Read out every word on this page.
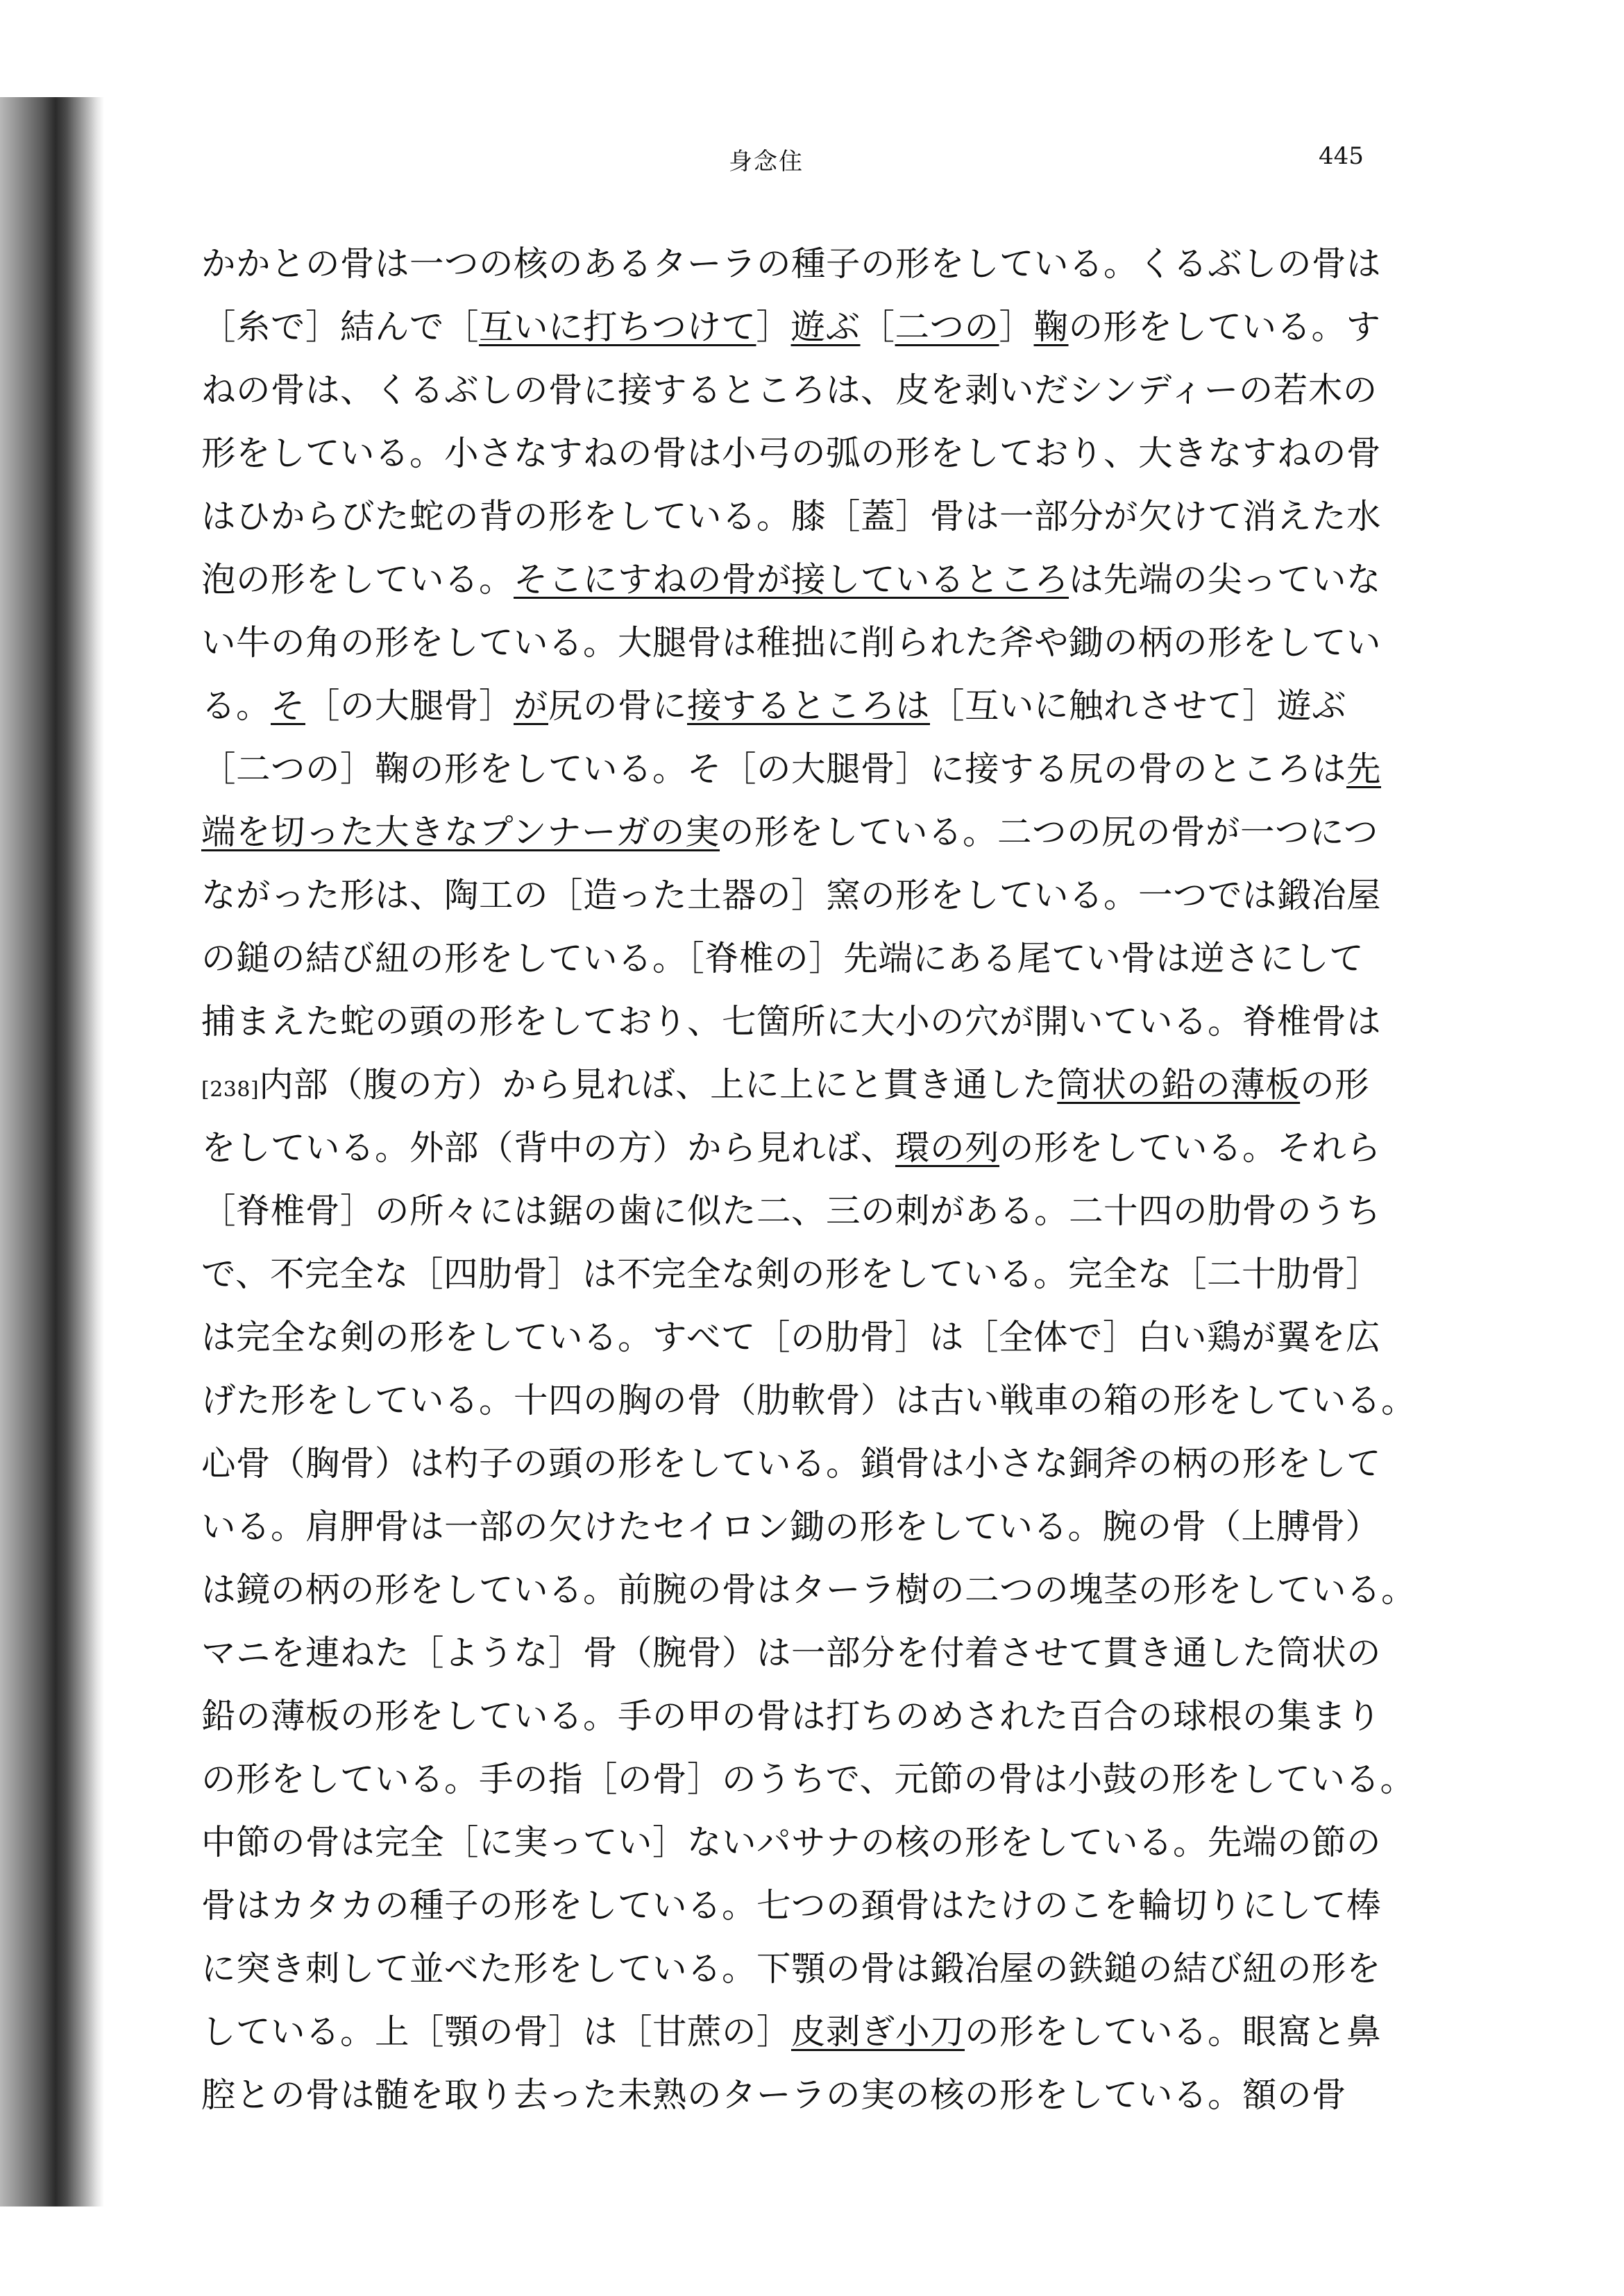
身念住	445
かかとの骨は一つの核のあるターラの種子の形をしている。くるぶしの骨は
［糸で］結んで［互いに打ちつけて］遊ぶ［二つの］鞠の形をしている。す
ねの骨は、くるぶしの骨に接するところは、皮を剥いだシンディーの若木の
形をしている。小さなすねの骨は小弓の弧の形をしており、大きなすねの骨
はひからびた蛇の背の形をしている。膝［蓋］骨は一部分が欠けて消えた水
泡の形をしている。そこにすねの骨が接しているところは先端の尖っていな
い牛の角の形をしている。大腿骨は稚拙に削られた斧や鋤の柄の形をしてい
る。そ［の大腿骨］が尻の骨に接するところは［互いに触れさせて］遊ぶ
［二つの］鞠の形をしている。そ［の大腿骨］に接する尻の骨のところは先
端を切った大きなプンナーガの実の形をしている。二つの尻の骨が一つにつ
ながった形は、陶工の［造った土器の］窯の形をしている。一つでは鍛冶屋
の鎚の結び紐の形をしている。［脊椎の］先端にある尾てい骨は逆さにして
捕まえた蛇の頭の形をしており、七箇所に大小の穴が開いている。脊椎骨は
[238]内部（腹の方）から見れば、上に上にと貫き通した筒状の鉛の薄板の形
をしている。外部（背中の方）から見れば、環の列の形をしている。それら
［脊椎骨］の所々には鋸の歯に似た二、三の刺がある。二十四の肋骨のうち
で、不完全な［四肋骨］は不完全な剣の形をしている。完全な［二十肋骨］
は完全な剣の形をしている。すべて［の肋骨］は［全体で］白い鶏が翼を広
げた形をしている。十四の胸の骨（肋軟骨）は古い戦車の箱の形をしている。
心骨（胸骨）は杓子の頭の形をしている。鎖骨は小さな銅斧の柄の形をして
いる。肩胛骨は一部の欠けたセイロン鋤の形をしている。腕の骨（上膊骨）
は鏡の柄の形をしている。前腕の骨はターラ樹の二つの塊茎の形をしている。
マニを連ねた［ような］骨（腕骨）は一部分を付着させて貫き通した筒状の
鉛の薄板の形をしている。手の甲の骨は打ちのめされた百合の球根の集まり
の形をしている。手の指［の骨］のうちで、元節の骨は小鼓の形をしている。
中節の骨は完全［に実ってい］ないパサナの核の形をしている。先端の節の
骨はカタカの種子の形をしている。七つの頚骨はたけのこを輪切りにして棒
に突き刺して並べた形をしている。下顎の骨は鍛冶屋の鉄鎚の結び紐の形を
している。上［顎の骨］は［甘蔗の］皮剥ぎ小刀の形をしている。眼窩と鼻
腔との骨は髄を取り去った未熟のターラの実の核の形をしている。額の骨
